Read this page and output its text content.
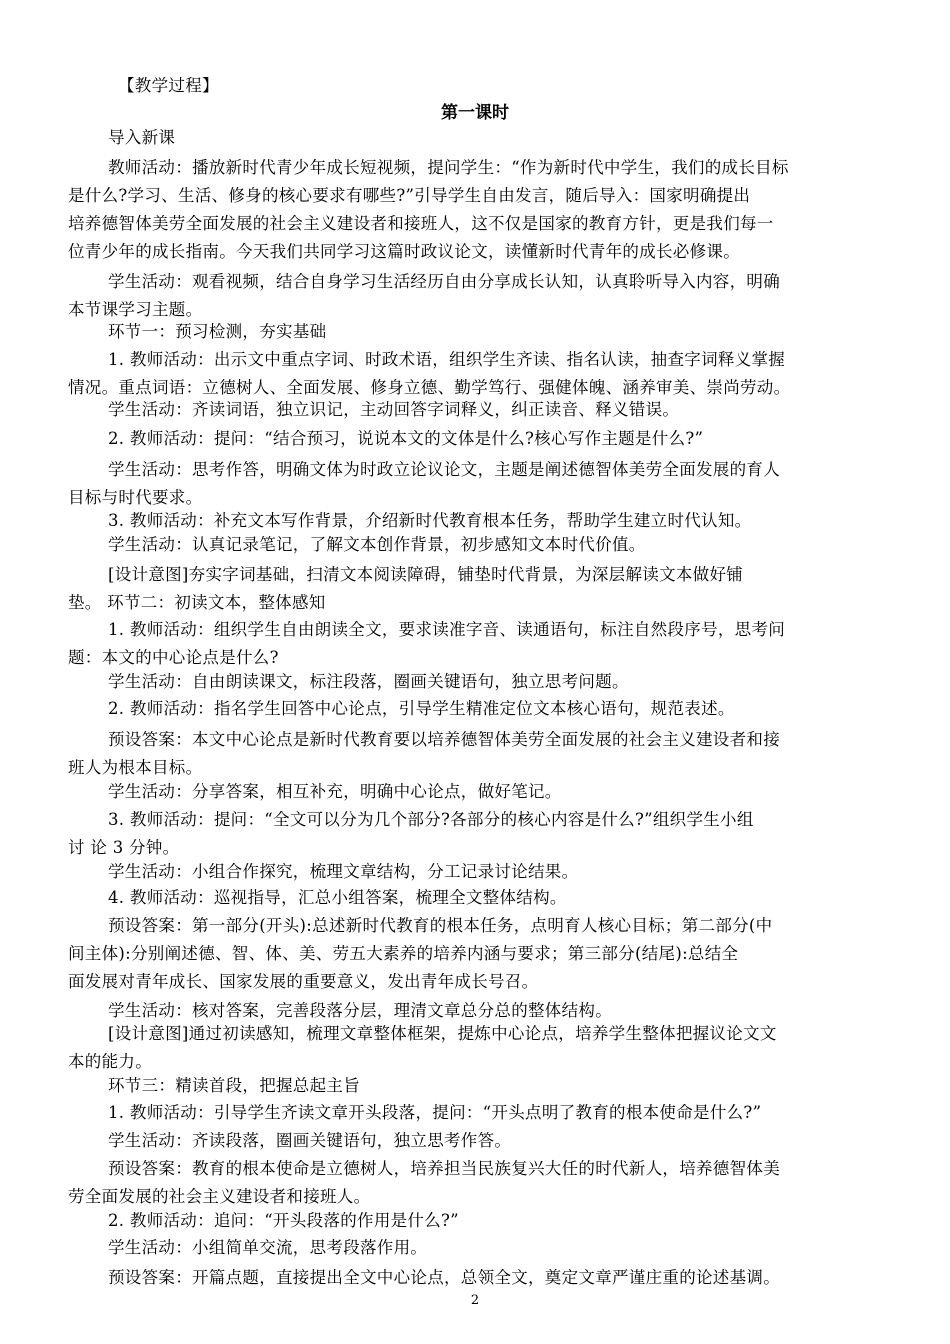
【教学过程】
第一课时
导入新课
教师活动：播放新时代青少年成长短视频，提问学生：“作为新时代中学生，我们的成长目标
是什么?学习、生活、修身的核心要求有哪些?”引导学生自由发言，随后导入：国家明确提出
培养德智体美劳全面发展的社会主义建设者和接班人，这不仅是国家的教育方针，更是我们每一
位青少年的成长指南。今天我们共同学习这篇时政议论文，读懂新时代青年的成长必修课。
学生活动：观看视频，结合自身学习生活经历自由分享成长认知，认真聆听导入内容，明确
本节课学习主题。
环节一：预习检测，夯实基础
1. 教师活动：出示文中重点字词、时政术语，组织学生齐读、指名认读，抽查字词释义掌握
情况。重点词语：立德树人、全面发展、修身立德、勤学笃行、强健体魄、涵养审美、崇尚劳动。
学生活动：齐读词语，独立识记，主动回答字词释义，纠正读音、释义错误。
2. 教师活动：提问：“结合预习，说说本文的文体是什么?核心写作主题是什么?”
学生活动：思考作答，明确文体为时政立论议论文，主题是阐述德智体美劳全面发展的育人
目标与时代要求。
3. 教师活动：补充文本写作背景，介绍新时代教育根本任务，帮助学生建立时代认知。
学生活动：认真记录笔记，了解文本创作背景，初步感知文本时代价值。
[设计意图]夯实字词基础，扫清文本阅读障碍，铺垫时代背景，为深层解读文本做好铺
垫。 环节二：初读文本，整体感知
1. 教师活动：组织学生自由朗读全文，要求读准字音、读通语句，标注自然段序号，思考问
题：本文的中心论点是什么?
学生活动：自由朗读课文，标注段落，圈画关键语句，独立思考问题。
2. 教师活动：指名学生回答中心论点，引导学生精准定位文本核心语句，规范表述。
预设答案：本文中心论点是新时代教育要以培养德智体美劳全面发展的社会主义建设者和接
班人为根本目标。
学生活动：分享答案，相互补充，明确中心论点，做好笔记。
3. 教师活动：提问：“全文可以分为几个部分?各部分的核心内容是什么?”组织学生小组
讨 论 3 分钟。
学生活动：小组合作探究，梳理文章结构，分工记录讨论结果。
4. 教师活动：巡视指导，汇总小组答案，梳理全文整体结构。
预设答案：第一部分(开头):总述新时代教育的根本任务，点明育人核心目标；第二部分(中
间主体):分别阐述德、智、体、美、劳五大素养的培养内涵与要求；第三部分(结尾):总结全
面发展对青年成长、国家发展的重要意义，发出青年成长号召。
学生活动：核对答案，完善段落分层，理清文章总分总的整体结构。
[设计意图]通过初读感知，梳理文章整体框架，提炼中心论点，培养学生整体把握议论文文
本的能力。
环节三：精读首段，把握总起主旨
1. 教师活动：引导学生齐读文章开头段落，提问：“开头点明了教育的根本使命是什么?”
学生活动：齐读段落，圈画关键语句，独立思考作答。
预设答案：教育的根本使命是立德树人，培养担当民族复兴大任的时代新人，培养德智体美
劳全面发展的社会主义建设者和接班人。
2. 教师活动：追问：“开头段落的作用是什么?”
学生活动：小组简单交流，思考段落作用。
预设答案：开篇点题，直接提出全文中心论点，总领全文，奠定文章严谨庄重的论述基调。
2
